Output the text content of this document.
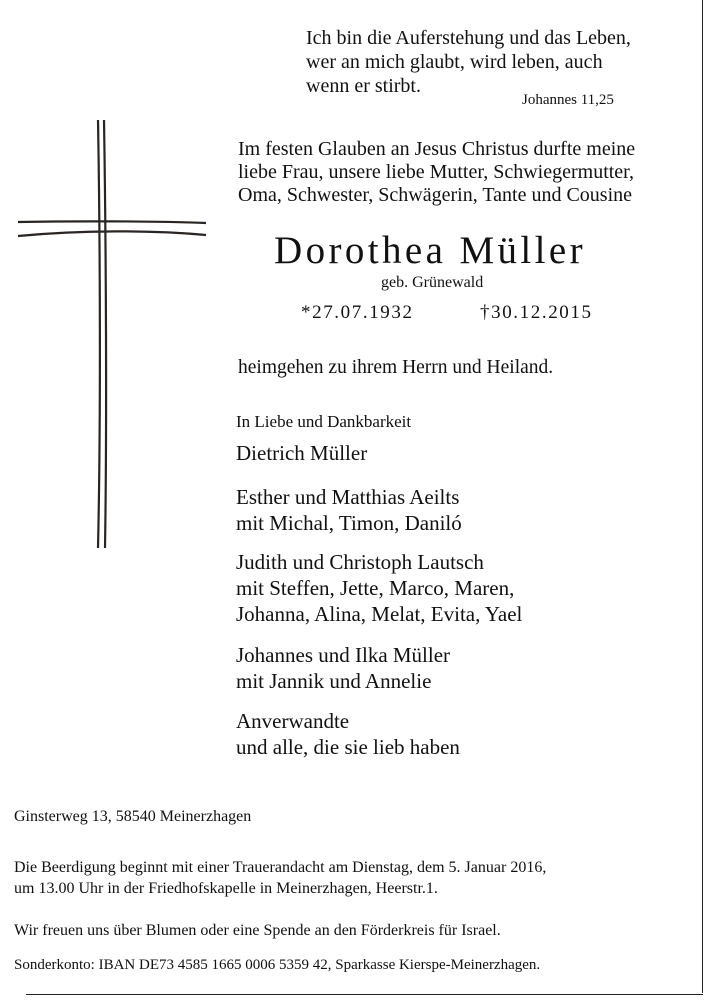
Ich bin die Auferstehung und das Leben,
wer an mich glaubt, wird leben, auch
wenn er stirbt.
Johannes 11,25
Im festen Glauben an Jesus Christus durfte meine
liebe Frau, unsere liebe Mutter, Schwiegermutter,
Oma, Schwester, Schwägerin, Tante und Cousine
Dorothea Müller
geb. Grünewald
*27.07.1932	†30.12.2015
heimgehen zu ihrem Herrn und Heiland.
In Liebe und Dankbarkeit
Dietrich Müller
Esther und Matthias Aeilts
mit Michal, Timon, Daniló
Judith und Christoph Lautsch
mit Steffen, Jette, Marco, Maren,
Johanna, Alina, Melat, Evita, Yael
Johannes und Ilka Müller
mit Jannik und Annelie
Anverwandte
und alle, die sie lieb haben
Ginsterweg 13, 58540 Meinerzhagen
Die Beerdigung beginnt mit einer Trauerandacht am Dienstag, dem 5. Januar 2016,
um 13.00 Uhr in der Friedhofskapelle in Meinerzhagen, Heerstr.1.
Wir freuen uns über Blumen oder eine Spende an den Förderkreis für Israel.
Sonderkonto: IBAN DE73 4585 1665 0006 5359 42, Sparkasse Kierspe-Meinerzhagen.
